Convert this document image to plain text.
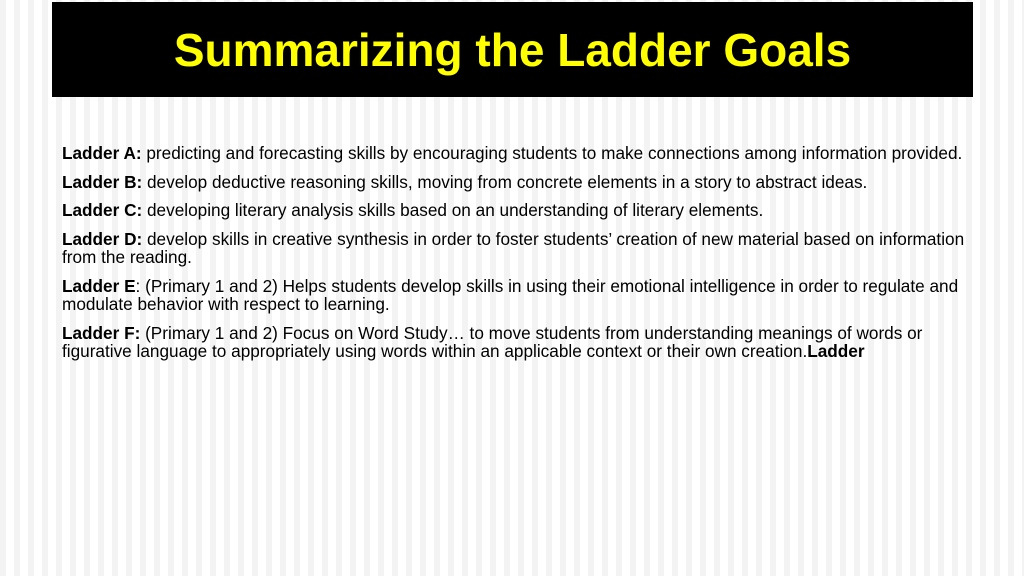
Summarizing the Ladder Goals

Ladder A: predicting and forecasting skills by encouraging students to make connections among information provided.

Ladder B: develop deductive reasoning skills, moving from concrete elements in a story to abstract ideas.

Ladder C: developing literary analysis skills based on an understanding of literary elements.

Ladder D: develop skills in creative synthesis in order to foster students’ creation of new material based on information from the reading.

Ladder E: (Primary 1 and 2) Helps students develop skills in using their emotional intelligence in order to regulate and modulate behavior with respect to learning.

Ladder F: (Primary 1 and 2) Focus on Word Study… to move students from understanding meanings of words or figurative language to appropriately using words within an applicable context or their own creation.Ladder
